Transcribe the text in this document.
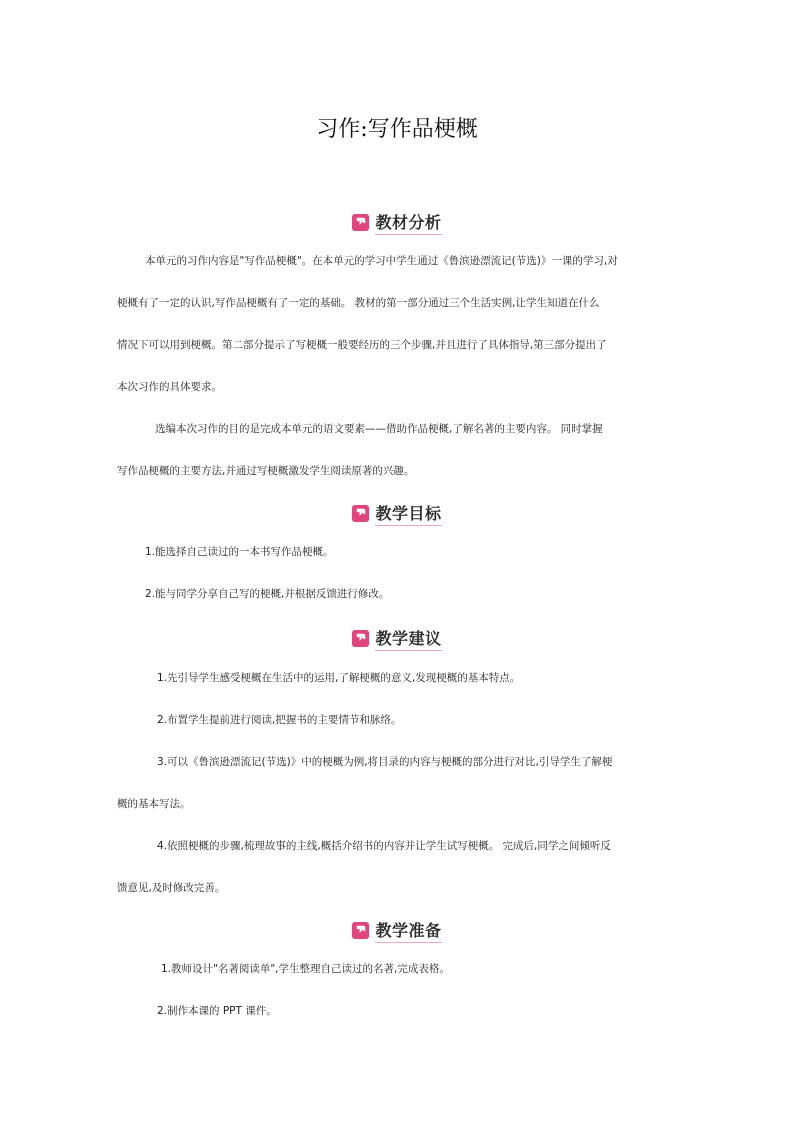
习作:写作品梗概
教材分析
本单元的习作内容是"写作品梗概"。在本单元的学习中学生通过《鲁滨逊漂流记(节选)》一课的学习,对
梗概有了一定的认识,写作品梗概有了一定的基础。 教材的第一部分通过三个生活实例,让学生知道在什么
情况下可以用到梗概。第二部分提示了写梗概一般要经历的三个步骤,并且进行了具体指导,第三部分提出了
本次习作的具体要求。
选编本次习作的目的是完成本单元的语文要素——借助作品梗概,了解名著的主要内容。 同时掌握
写作品梗概的主要方法,并通过写梗概激发学生阅读原著的兴趣。
教学目标
1.能选择自己读过的一本书写作品梗概。
2.能与同学分享自己写的梗概,并根据反馈进行修改。
教学建议
1.先引导学生感受梗概在生活中的运用,了解梗概的意义,发现梗概的基本特点。
2.布置学生提前进行阅读,把握书的主要情节和脉络。
3.可以《鲁滨逊漂流记(节选)》中的梗概为例,将目录的内容与梗概的部分进行对比,引导学生了解梗
概的基本写法。
4.依照梗概的步骤,梳理故事的主线,概括介绍书的内容并让学生试写梗概。 完成后,同学之间倾听反
馈意见,及时修改完善。
教学准备
1.教师设计"名著阅读单",学生整理自己读过的名著,完成表格。
2.制作本课的 PPT 课件。
